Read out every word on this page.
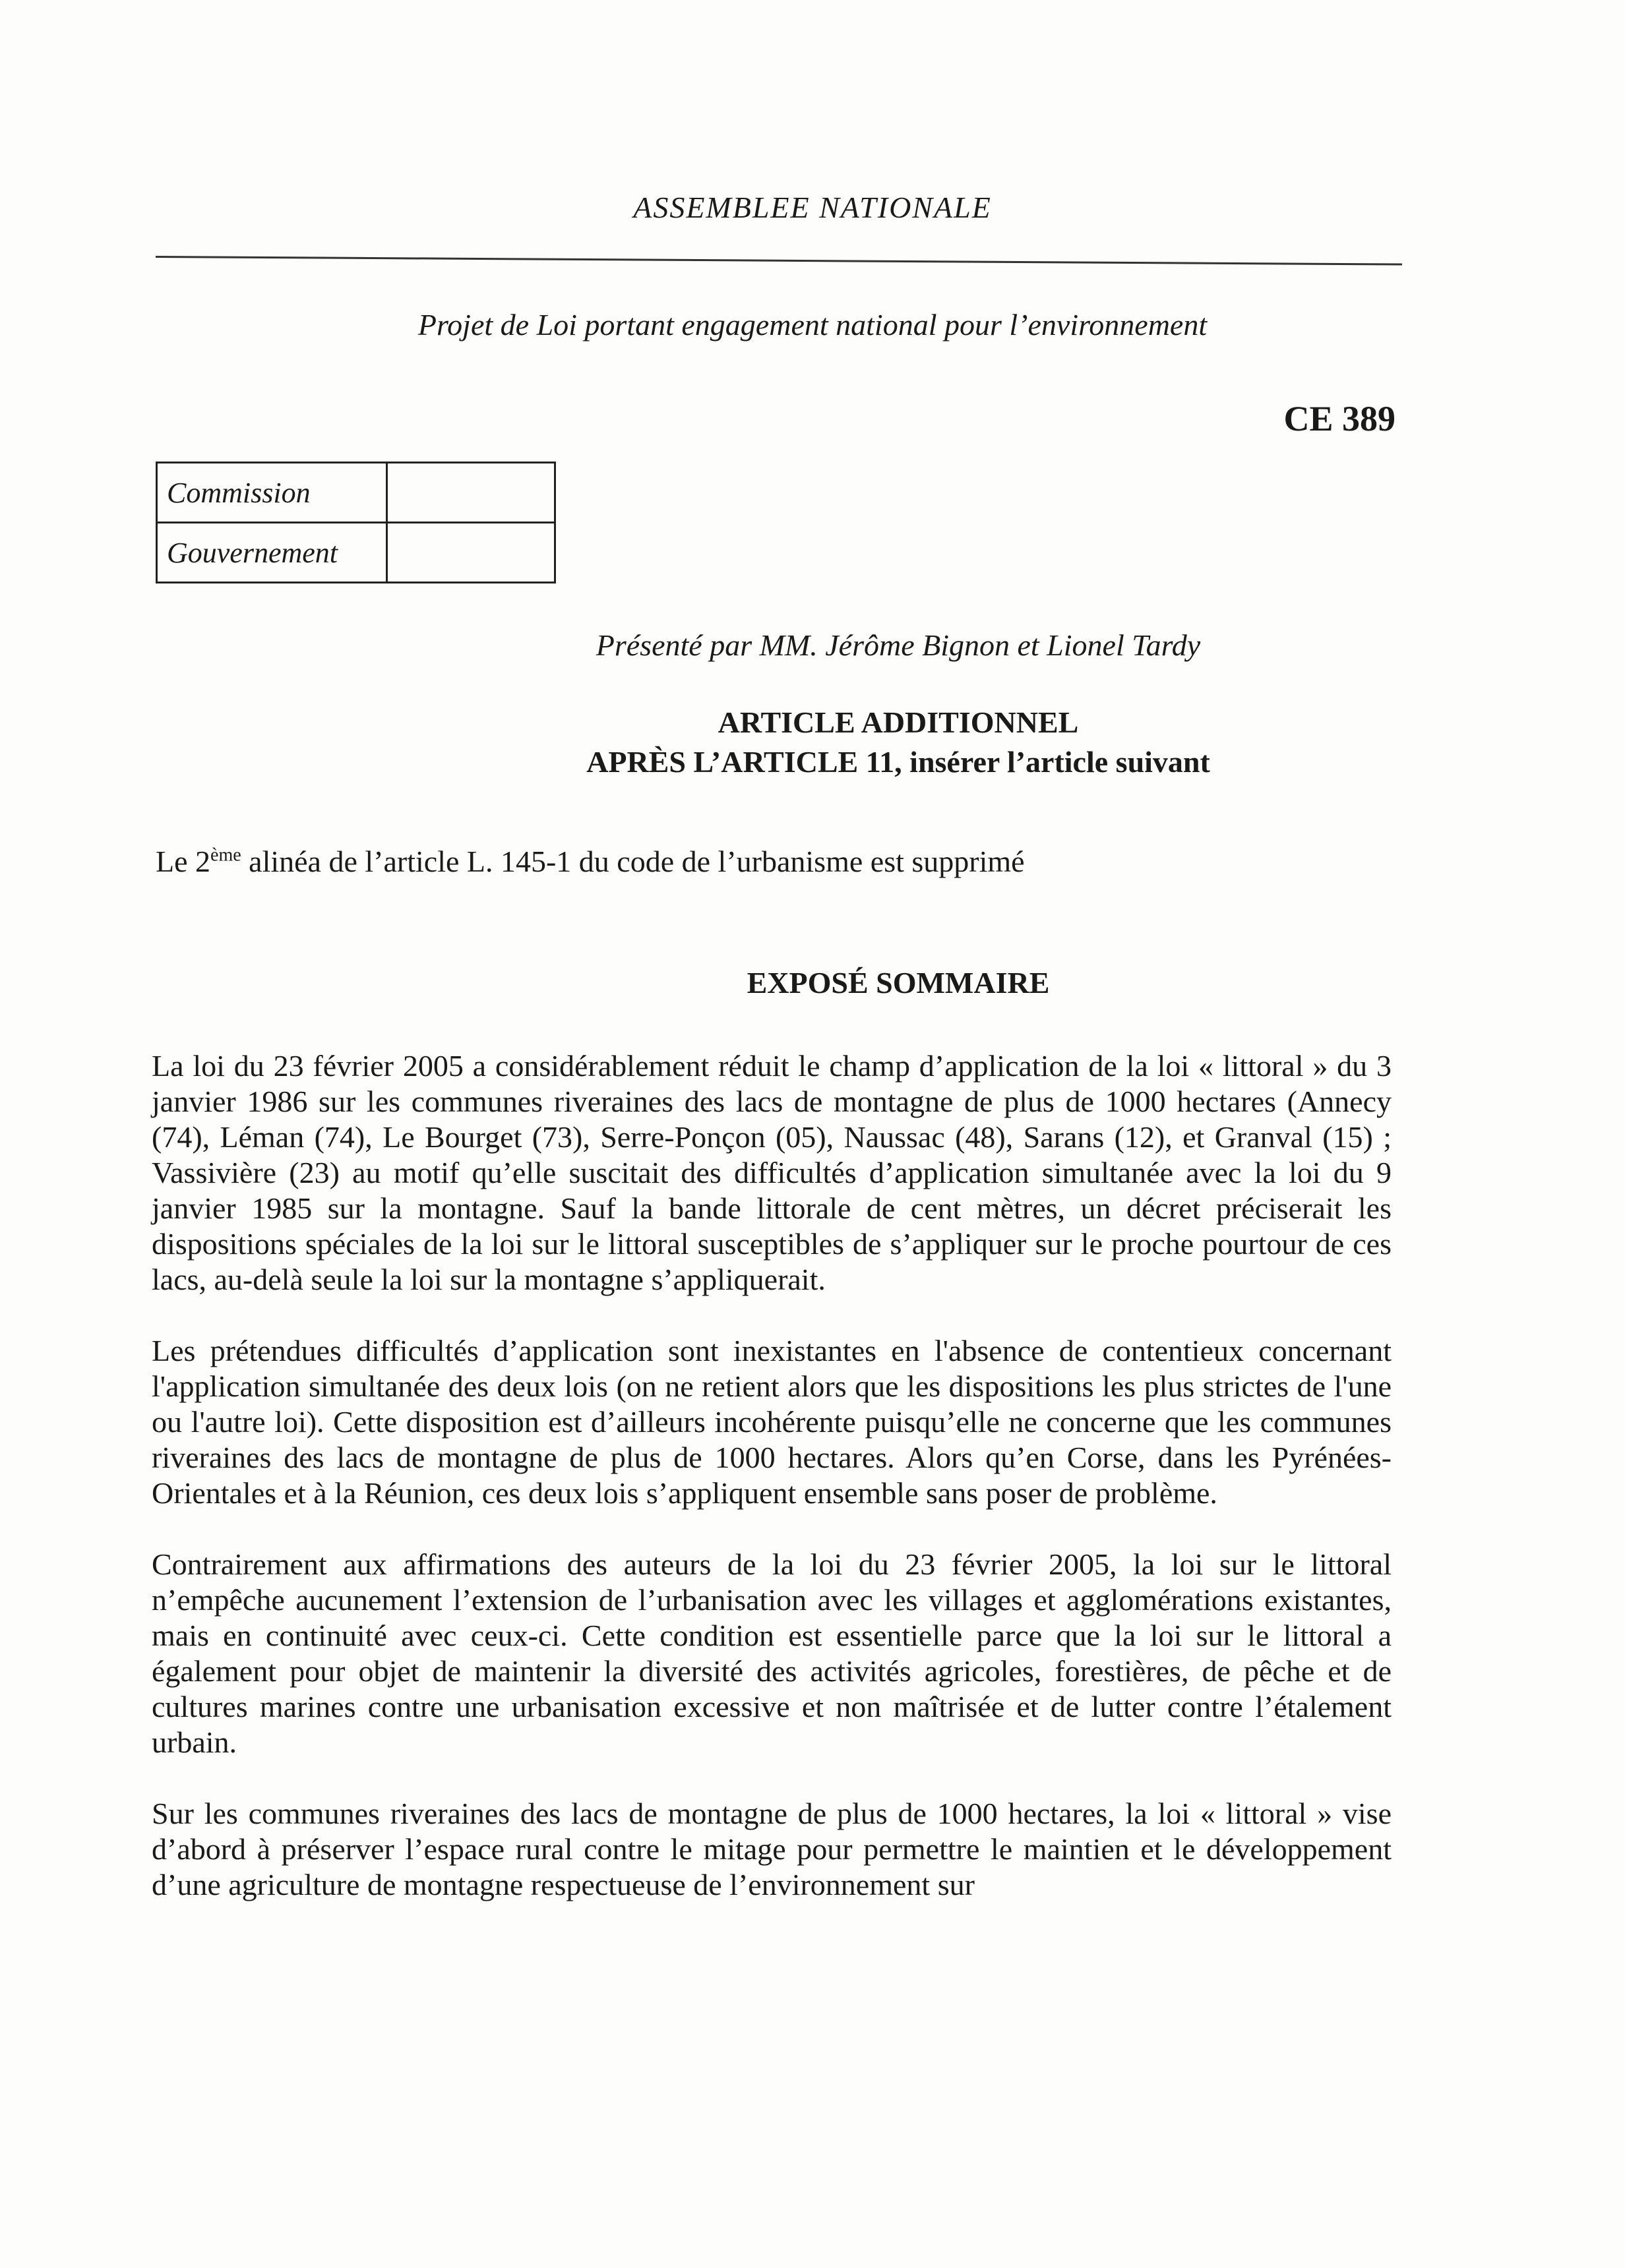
ASSEMBLEE NATIONALE
Projet de Loi portant engagement national pour l’environnement
CE 389
Commission	
Gouvernement	
Présenté par MM. Jérôme Bignon et Lionel Tardy
ARTICLE ADDITIONNEL
APRÈS L’ARTICLE 11, insérer l’article suivant
Le 2ème alinéa de l’article L. 145-1 du code de l’urbanisme est supprimé
EXPOSÉ SOMMAIRE

La loi du 23 février 2005 a considérablement réduit le champ d’application de la loi « littoral » du 3 janvier 1986 sur les communes riveraines des lacs de montagne de plus de 1000 hectares (Annecy (74), Léman (74), Le Bourget (73), Serre-Ponçon (05), Naussac (48), Sarans (12), et Granval (15) ; Vassivière (23) au motif qu’elle suscitait des difficultés d’application simultanée avec la loi du 9 janvier 1985 sur la montagne. Sauf la bande littorale de cent mètres, un décret préciserait les dispositions spéciales de la loi sur le littoral susceptibles de s’appliquer sur le proche pourtour de ces lacs, au-delà seule la loi sur la montagne s’appliquerait.

Les prétendues difficultés d’application sont inexistantes en l'absence de contentieux concernant l'application simultanée des deux lois (on ne retient alors que les dispositions les plus strictes de l'une ou l'autre loi). Cette disposition est d’ailleurs incohérente puisqu’elle ne concerne que les communes riveraines des lacs de montagne de plus de 1000 hectares. Alors qu’en Corse, dans les Pyrénées-Orientales et à la Réunion, ces deux lois s’appliquent ensemble sans poser de problème.

Contrairement aux affirmations des auteurs de la loi du 23 février 2005, la loi sur le littoral n’empêche aucunement l’extension de l’urbanisation avec les villages et agglomérations existantes, mais en continuité avec ceux-ci. Cette condition est essentielle parce que la loi sur le littoral a également pour objet de maintenir la diversité des activités agricoles, forestières, de pêche et de cultures marines contre une urbanisation excessive et non maîtrisée et de lutter contre l’étalement urbain.

Sur les communes riveraines des lacs de montagne de plus de 1000 hectares, la loi « littoral » vise d’abord à préserver l’espace rural contre le mitage pour permettre le maintien et le développement d’une agriculture de montagne respectueuse de l’environnement sur
